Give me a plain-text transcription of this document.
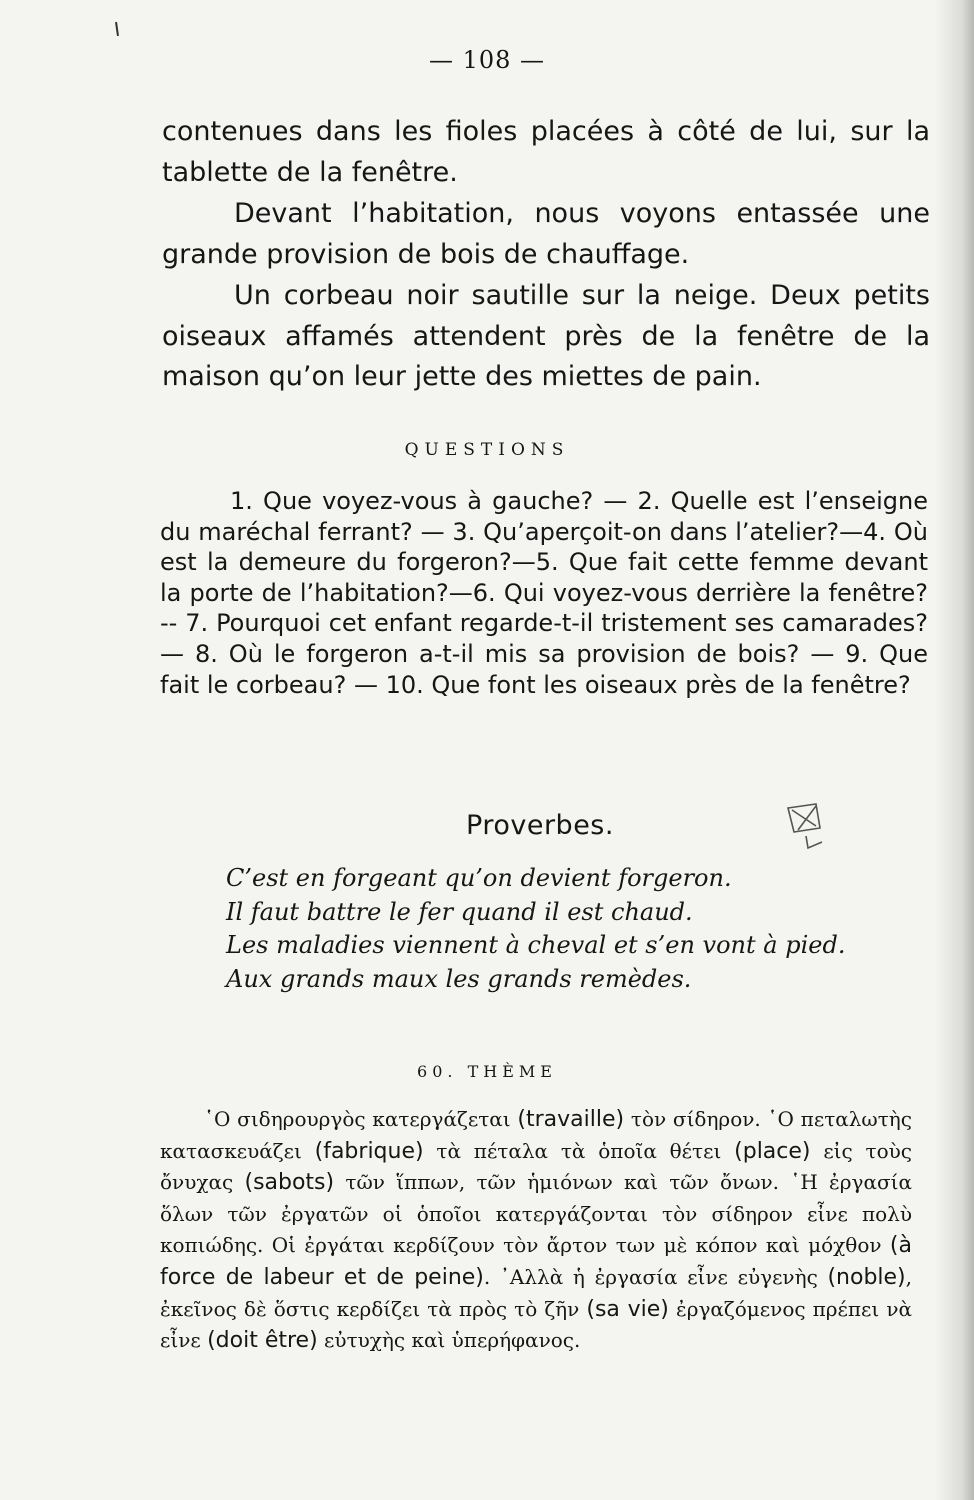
— 108 —

contenues dans les fioles placées à côté de lui, sur la tablette de la fenêtre.

Devant l’habitation, nous voyons entassée une grande provision de bois de chauffage.

Un corbeau noir sautille sur la neige. Deux petits oiseaux affamés attendent près de la fenêtre de la maison qu’on leur jette des miettes de pain.

QUESTIONS

1. Que voyez-vous à gauche? — 2. Quelle est l’enseigne du maréchal ferrant? — 3. Qu’aperçoit-on dans l’atelier?—4. Où est la demeure du forgeron?—5. Que fait cette femme devant la porte de l’habitation?—6. Qui voyez-vous derrière la fenêtre? -- 7. Pourquoi cet enfant regarde-t-il tristement ses camarades? — 8. Où le forgeron a-t-il mis sa provision de bois? — 9. Que fait le corbeau? — 10. Que font les oiseaux près de la fenêtre?

Proverbes.
C’est en forgeant qu’on devient forgeron.
Il faut battre le fer quand il est chaud.
Les maladies viennent à cheval et s’en vont à pied.
Aux grands maux les grands remèdes.
60. THÈME

῾Ο σιδηρουργὸς κατεργάζεται (travaille) τὸν σίδηρον. ῾Ο πεταλωτὴς κατασκευάζει (fabrique) τὰ πέταλα τὰ ὁποῖα θέτει (place) εἰς τοὺς ὄνυχας (sabots) τῶν ἵππων, τῶν ἡμιόνων καὶ τῶν ὄνων. ῾Η ἐργασία ὅλων τῶν ἐργατῶν οἱ ὁποῖοι κατεργάζονται τὸν σίδηρον εἶνε πολὺ κοπιώδης. Οἱ ἐργάται κερδίζουν τὸν ἄρτον των μὲ κόπον καὶ μόχθον (à force de labeur et de peine). ᾽Αλλὰ ἡ ἐργασία εἶνε εὐγενὴς (noble), ἐκεῖνος δὲ ὅστις κερδίζει τὰ πρὸς τὸ ζῆν (sa vie) ἐργαζόμενος πρέπει νὰ εἶνε (doit être) εὐτυχὴς καὶ ὑπερήφανος.
